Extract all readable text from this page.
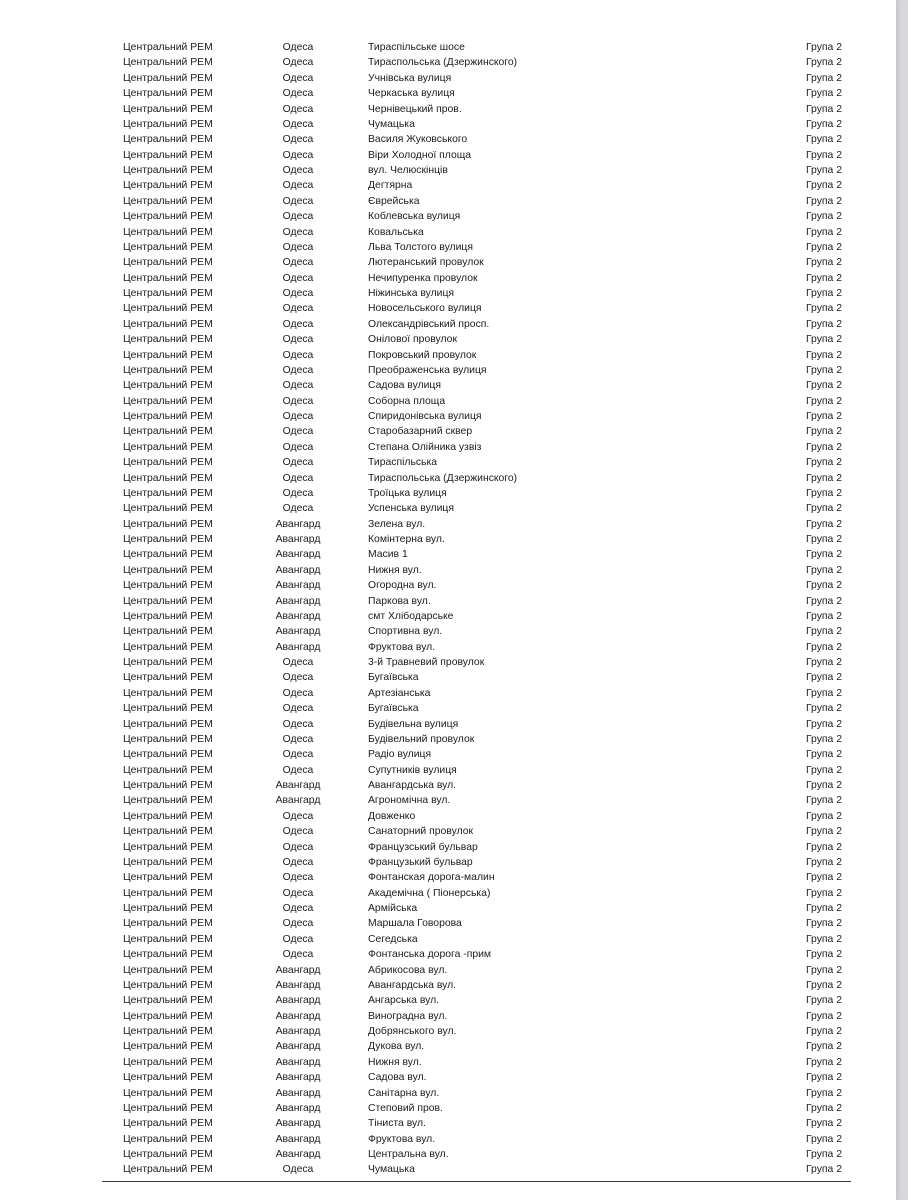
Центральний РЕМ	Одеса	Тираспільське шосе	Група 2
Центральний РЕМ	Одеса	Тираспольська (Дзержинского)	Група 2
Центральний РЕМ	Одеса	Учнівська вулиця	Група 2
Центральний РЕМ	Одеса	Черкаська вулиця	Група 2
Центральний РЕМ	Одеса	Чернівецький пров.	Група 2
Центральний РЕМ	Одеса	Чумацька	Група 2
Центральний РЕМ	Одеса	Василя Жуковського	Група 2
Центральний РЕМ	Одеса	Віри Холодної площа	Група 2
Центральний РЕМ	Одеса	вул. Челюскінців	Група 2
Центральний РЕМ	Одеса	Дегтярна	Група 2
Центральний РЕМ	Одеса	Єврейська	Група 2
Центральний РЕМ	Одеса	Коблевська вулиця	Група 2
Центральний РЕМ	Одеса	Ковальська	Група 2
Центральний РЕМ	Одеса	Льва Толстого вулиця	Група 2
Центральний РЕМ	Одеса	Лютеранський провулок	Група 2
Центральний РЕМ	Одеса	Нечипуренка провулок	Група 2
Центральний РЕМ	Одеса	Ніжинська вулиця	Група 2
Центральний РЕМ	Одеса	Новосельського вулиця	Група 2
Центральний РЕМ	Одеса	Олександрівський просп.	Група 2
Центральний РЕМ	Одеса	Онілової провулок	Група 2
Центральний РЕМ	Одеса	Покровський провулок	Група 2
Центральний РЕМ	Одеса	Преображенська вулиця	Група 2
Центральний РЕМ	Одеса	Садова вулиця	Група 2
Центральний РЕМ	Одеса	Соборна площа	Група 2
Центральний РЕМ	Одеса	Спиридонівська вулиця	Група 2
Центральний РЕМ	Одеса	Старобазарний сквер	Група 2
Центральний РЕМ	Одеса	Степана Олійника узвіз	Група 2
Центральний РЕМ	Одеса	Тираспільська	Група 2
Центральний РЕМ	Одеса	Тираспольська (Дзержинского)	Група 2
Центральний РЕМ	Одеса	Троїцька вулиця	Група 2
Центральний РЕМ	Одеса	Успенська вулиця	Група 2
Центральний РЕМ	Авангард	Зелена вул.	Група 2
Центральний РЕМ	Авангард	Комінтерна вул.	Група 2
Центральний РЕМ	Авангард	Масив 1	Група 2
Центральний РЕМ	Авангард	Нижня вул.	Група 2
Центральний РЕМ	Авангард	Огородна вул.	Група 2
Центральний РЕМ	Авангард	Паркова вул.	Група 2
Центральний РЕМ	Авангард	смт Хлібодарське	Група 2
Центральний РЕМ	Авангард	Спортивна вул.	Група 2
Центральний РЕМ	Авангард	Фруктова вул.	Група 2
Центральний РЕМ	Одеса	3-й Травневий провулок	Група 2
Центральний РЕМ	Одеса	Бугаївська	Група 2
Центральний РЕМ	Одеса	Артезіанська	Група 2
Центральний РЕМ	Одеса	Бугаївська	Група 2
Центральний РЕМ	Одеса	Будівельна вулиця	Група 2
Центральний РЕМ	Одеса	Будівельний провулок	Група 2
Центральний РЕМ	Одеса	Радіо вулиця	Група 2
Центральний РЕМ	Одеса	Супутників вулиця	Група 2
Центральний РЕМ	Авангард	Авангардська вул.	Група 2
Центральний РЕМ	Авангард	Агрономічна вул.	Група 2
Центральний РЕМ	Одеса	Довженко	Група 2
Центральний РЕМ	Одеса	Санаторний провулок	Група 2
Центральний РЕМ	Одеса	Французський бульвар	Група 2
Центральний РЕМ	Одеса	Французький бульвар	Група 2
Центральний РЕМ	Одеса	Фонтанская дорога-малин	Група 2
Центральний РЕМ	Одеса	Академічна ( Піонерська)	Група 2
Центральний РЕМ	Одеса	Армійська	Група 2
Центральний РЕМ	Одеса	Маршала Говорова	Група 2
Центральний РЕМ	Одеса	Сегедська	Група 2
Центральний РЕМ	Одеса	Фонтанська дорога -прим	Група 2
Центральний РЕМ	Авангард	Абрикосова вул.	Група 2
Центральний РЕМ	Авангард	Авангардська вул.	Група 2
Центральний РЕМ	Авангард	Ангарська вул.	Група 2
Центральний РЕМ	Авангард	Виноградна вул.	Група 2
Центральний РЕМ	Авангард	Добрянського вул.	Група 2
Центральний РЕМ	Авангард	Дукова вул.	Група 2
Центральний РЕМ	Авангард	Нижня вул.	Група 2
Центральний РЕМ	Авангард	Садова вул.	Група 2
Центральний РЕМ	Авангард	Санітарна вул.	Група 2
Центральний РЕМ	Авангард	Степовий пров.	Група 2
Центральний РЕМ	Авангард	Тіниста вул.	Група 2
Центральний РЕМ	Авангард	Фруктова вул.	Група 2
Центральний РЕМ	Авангард	Центральна вул.	Група 2
Центральний РЕМ	Одеса	Чумацька	Група 2
